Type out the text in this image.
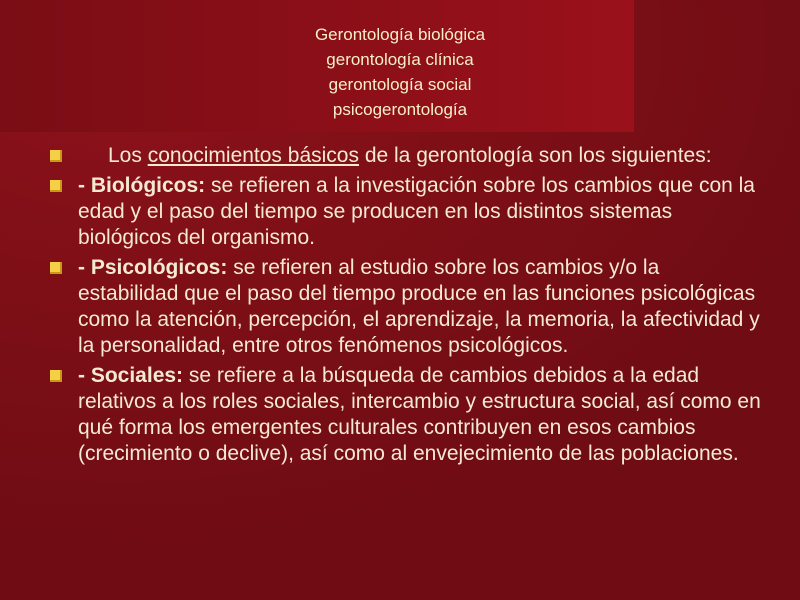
Gerontología biológica
gerontología clínica
gerontología social
psicogerontología
Los conocimientos básicos de la gerontología son los siguientes:
- Biológicos: se refieren a la investigación sobre los cambios que con la edad y el paso del tiempo se producen en los distintos sistemas biológicos del organismo.
- Psicológicos: se refieren al estudio sobre los cambios y/o la estabilidad que el paso del tiempo produce en las funciones psicológicas como la atención, percepción, el aprendizaje, la memoria, la afectividad y la personalidad, entre otros fenómenos psicológicos.
- Sociales: se refiere a la búsqueda de cambios debidos a la edad relativos a los roles sociales, intercambio y estructura social, así como en qué forma los emergentes culturales contribuyen en esos cambios (crecimiento o declive), así como al envejecimiento de las poblaciones.
